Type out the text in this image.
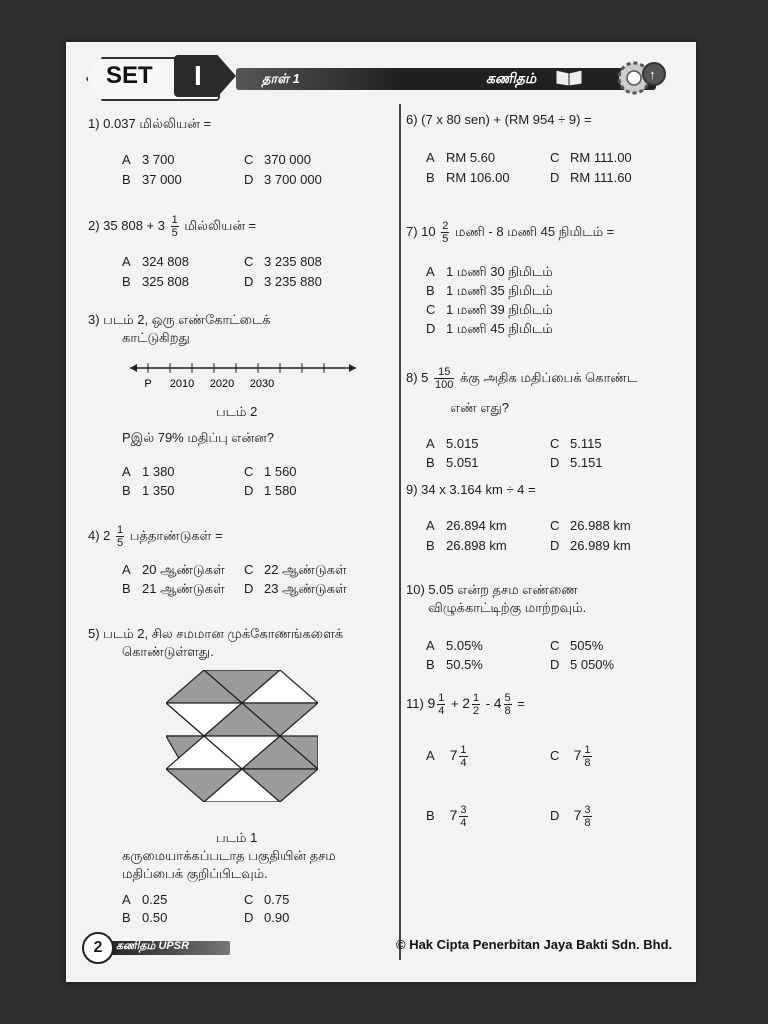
SET I	தாள் 1	கணிதம்	↑
1) 0.037 மில்லியன் =
A 3 700
B 37 000
C 370 000
D 3 700 000
2) 35 $808 + 3 \frac{1}{5}$ மில்லியன் =
A 324 808
B 325 808
C 3 235 808
D 3 235 880
3) படம் 2, ஒரு எண்கோட்டைக்
காட்டுகிறது
P 2010 2020 2030
படம் 2
Pஇல் 79% மதிப்பு என்ன?
A 1 380
B 1 350
C 1 560
D 1 580
4) $2 \frac{1}{5}$ பத்தாண்டுகள் =
A 20 ஆண்டுகள்
B 21 ஆண்டுகள்
C 22 ஆண்டுகள்
D 23 ஆண்டுகள்
5) படம் 2, சில சமமான முக்கோணங்களைக்
கொண்டுள்ளது.
படம் 1
கருமையாக்கப்படாத பகுதியின் தசம
மதிப்பைக் குறிப்பிடவும்.
A 0.25
B 0.50
C 0.75
D 0.90
6) (7 x 80 sen) + (RM 954 ÷ 9) =
A RM 5.60
B RM 106.00
C RM 111.00
D RM 111.60
7) $10 \frac{2}{5}$ மணி - 8 மணி 45 நிமிடம் =
A 1 மணி 30 நிமிடம்
B 1 மணி 35 நிமிடம்
C 1 மணி 39 நிமிடம்
D 1 மணி 45 நிமிடம்
8) $5 \frac{15}{100}$ க்கு அதிக மதிப்பைக் கொண்ட
எண் எது?
A 5.015
B 5.051
C 5.115
D 5.151
9) 34 x 3.164 km ÷ 4 =
A 26.894 km
B 26.898 km
C 26.988 km
D 26.989 km
10) 5.05 என்ற தசம எண்ணை
விழுக்காட்டிற்கு மாற்றவும்.
A 5.05%
B 50.5%
C 505%
D 5 050%
11) $9 \frac{1}{4} + 2 \frac{1}{2} - 4 \frac{5}{8}$ =
A $7 \frac{1}{4}$	C $7 \frac{1}{8}$
B $7 \frac{3}{4}$	D $7 \frac{3}{8}$
2	கணிதம் UPSR	© Hak Cipta Penerbitan Jaya Bakti Sdn. Bhd.
